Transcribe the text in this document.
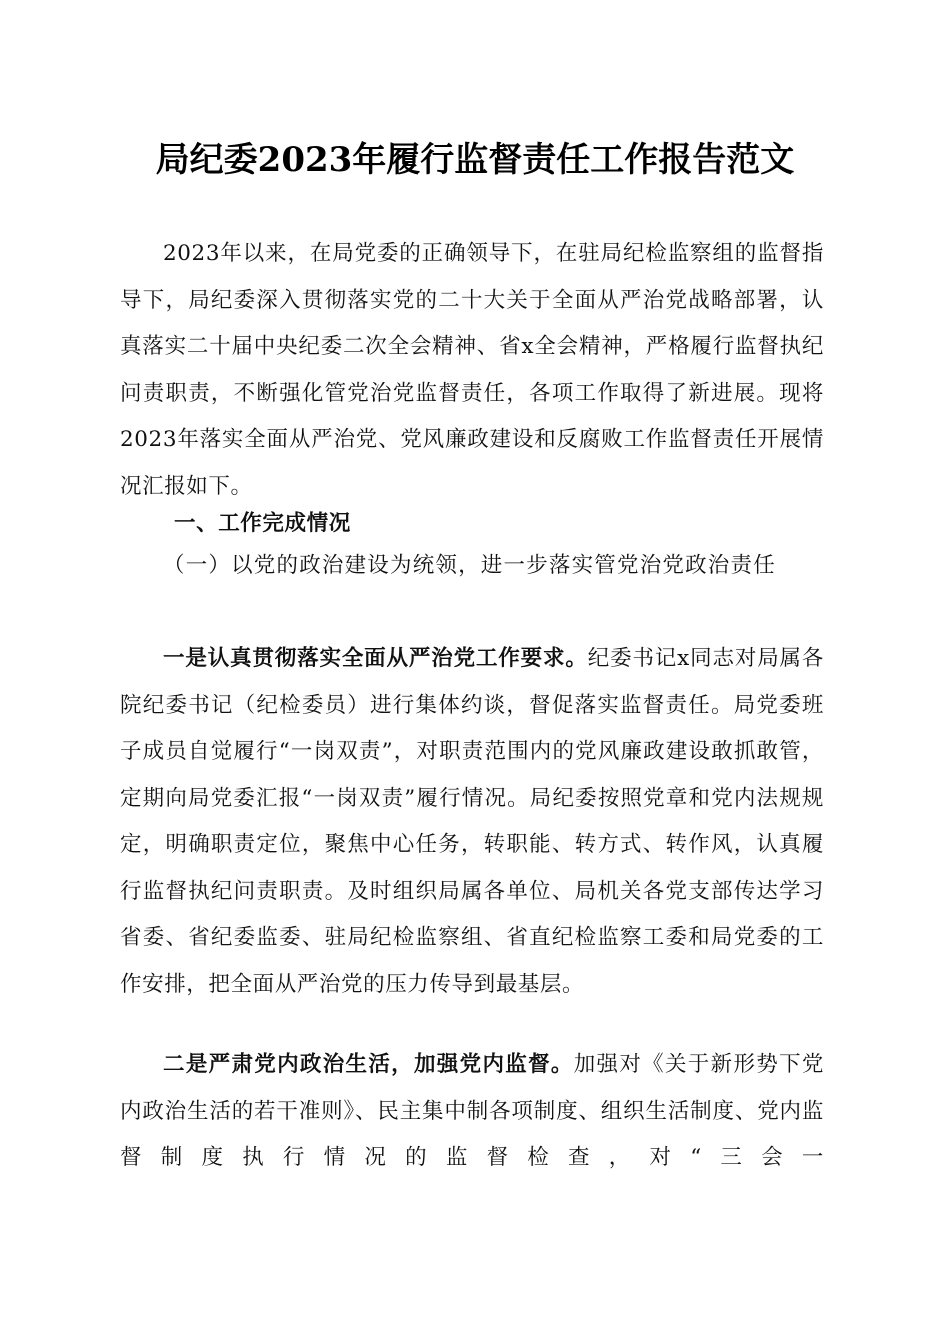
局纪委2023年履行监督责任工作报告范文

2023年以来，在局党委的正确领导下，在驻局纪检监察组的监督指导下，局纪委深入贯彻落实党的二十大关于全面从严治党战略部署，认真落实二十届中央纪委二次全会精神、省x全会精神，严格履行监督执纪问责职责，不断强化管党治党监督责任，各项工作取得了新进展。现将2023年落实全面从严治党、党风廉政建设和反腐败工作监督责任开展情况汇报如下。

一、工作完成情况

（一）以党的政治建设为统领，进一步落实管党治党政治责任

一是认真贯彻落实全面从严治党工作要求。纪委书记x同志对局属各院纪委书记（纪检委员）进行集体约谈，督促落实监督责任。局党委班子成员自觉履行“一岗双责”，对职责范围内的党风廉政建设敢抓敢管，定期向局党委汇报“一岗双责”履行情况。局纪委按照党章和党内法规规定，明确职责定位，聚焦中心任务，转职能、转方式、转作风，认真履行监督执纪问责职责。及时组织局属各单位、局机关各党支部传达学习省委、省纪委监委、驻局纪检监察组、省直纪检监察工委和局党委的工作安排，把全面从严治党的压力传导到最基层。

二是严肃党内政治生活，加强党内监督。加强对《关于新形势下党内政治生活的若干准则》、民主集中制各项制度、组织生活制度、党内监督制度执行情况的监督检查，对“三会一
